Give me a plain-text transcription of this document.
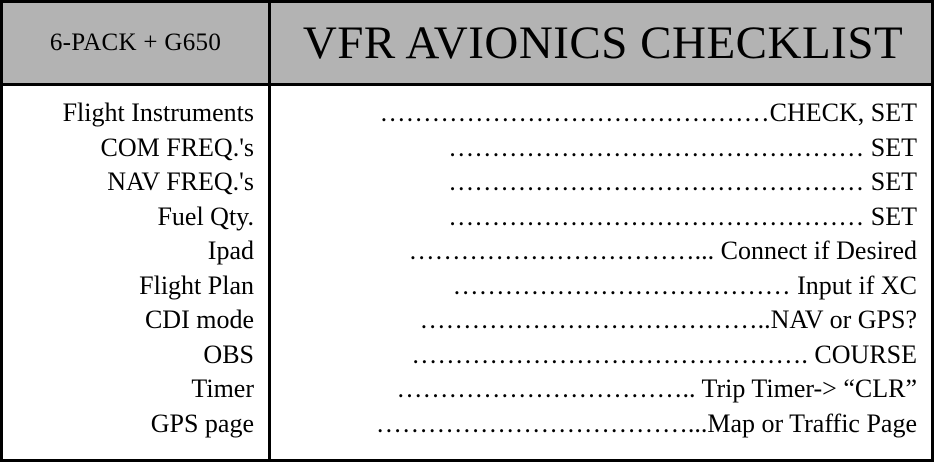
6-PACK + G650 VFR AVIONICS CHECKLIST
Flight Instruments
COM FREQ.'s
NAV FREQ.'s
Fuel Qty.
Ipad
Flight Plan
CDI mode
OBS
Timer
GPS page
………………………………………CHECK, SET
………………………………………… SET
………………………………………… SET
………………………………………… SET
……………………………... Connect if Desired
………………………………… Input if XC
…………………………………..NAV or GPS?
………………………………………. COURSE
…………………………….. Trip Timer-> “CLR”
………………………………...Map or Traffic Page
